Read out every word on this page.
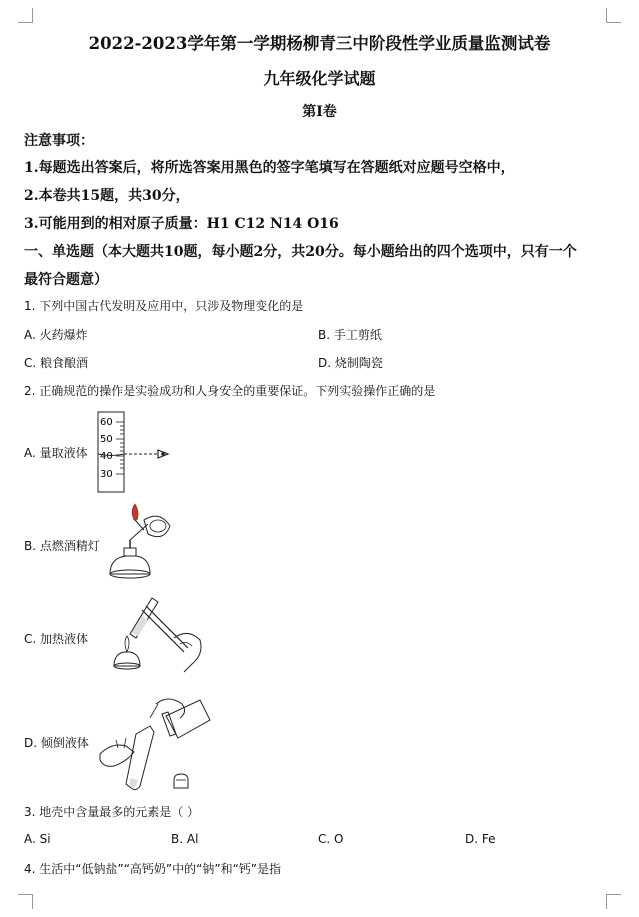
2022-2023学年第一学期杨柳青三中阶段性学业质量监测试卷
九年级化学试题
第I卷
注意事项：
1.每题选出答案后，将所选答案用黑色的签字笔填写在答题纸对应题号空格中，
2.本卷共15题，共30分，
3.可能用到的相对原子质量：H1 C12 N14 O16
一、单选题（本大题共10题，每小题2分，共20分。每小题给出的四个选项中，只有一个
最符合题意）
1. 下列中国古代发明及应用中，只涉及物理变化的是
A. 火药爆炸	B. 手工剪纸
C. 粮食酿酒	D. 烧制陶瓷
2. 正确规范的操作是实验成功和人身安全的重要保证。下列实验操作正确的是
A. 量取液体
60
50
40
30
B. 点燃酒精灯
C. 加热液体
D. 倾倒液体
3. 地壳中含量最多的元素是（ ）
A. Si	B. Al	C. O	D. Fe
4. 生活中“低钠盐”“高钙奶”中的“钠”和“钙”是指
